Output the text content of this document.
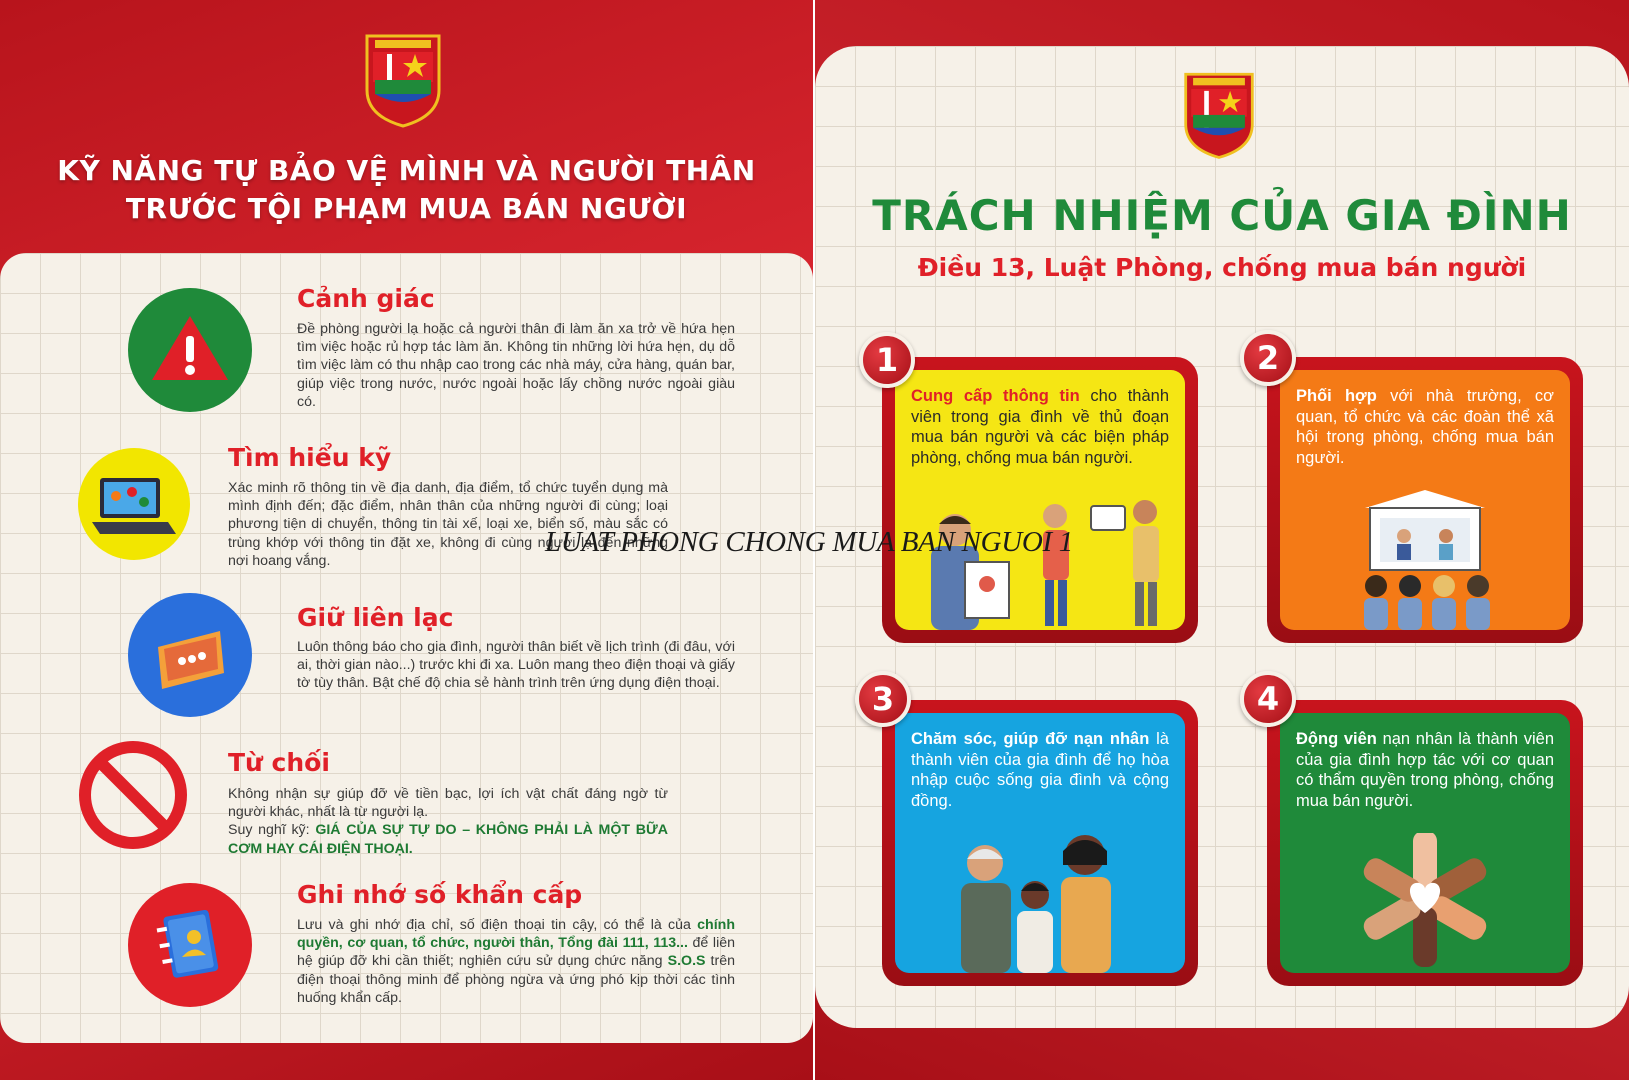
KỸ NĂNG TỰ BẢO VỆ MÌNH VÀ NGƯỜI THÂN
TRƯỚC TỘI PHẠM MUA BÁN NGƯỜI
Cảnh giác
Đề phòng người lạ hoặc cả người thân đi làm ăn xa trở về hứa hẹn tìm việc hoặc rủ hợp tác làm ăn. Không tin những lời hứa hẹn, dụ dỗ tìm việc làm có thu nhập cao trong các nhà máy, cửa hàng, quán bar, giúp việc trong nước, nước ngoài hoặc lấy chồng nước ngoài giàu có.
Tìm hiểu kỹ
Xác minh rõ thông tin về địa danh, địa điểm, tổ chức tuyển dụng mà mình định đến; đặc điểm, nhân thân của những người đi cùng; loại phương tiện di chuyển, thông tin tài xế, loại xe, biển số, màu sắc có trùng khớp với thông tin đặt xe, không đi cùng người lạ đến những nơi hoang vắng.
Giữ liên lạc
Luôn thông báo cho gia đình, người thân biết về lịch trình (đi đâu, với ai, thời gian nào...) trước khi đi xa. Luôn mang theo điện thoại và giấy tờ tùy thân. Bật chế độ chia sẻ hành trình trên ứng dụng điện thoại.
Từ chối
Không nhận sự giúp đỡ về tiền bạc, lợi ích vật chất đáng ngờ từ người khác, nhất là từ người lạ.
Suy nghĩ kỹ: GIÁ CỦA SỰ TỰ DO – KHÔNG PHẢI LÀ MỘT BỮA CƠM HAY CÁI ĐIỆN THOẠI.
Ghi nhớ số khẩn cấp
Lưu và ghi nhớ địa chỉ, số điện thoại tin cậy, có thể là của chính quyền, cơ quan, tổ chức, người thân, Tổng đài 111, 113... để liên hệ giúp đỡ khi cần thiết; nghiên cứu sử dụng chức năng S.O.S trên điện thoại thông minh để phòng ngừa và ứng phó kịp thời các tình huống khẩn cấp.
TRÁCH NHIỆM CỦA GIA ĐÌNH
Điều 13, Luật Phòng, chống mua bán người
Cung cấp thông tin cho thành viên trong gia đình về thủ đoạn mua bán người và các biện pháp phòng, chống mua bán người.
1
Phối hợp với nhà trường, cơ quan, tổ chức và các đoàn thể xã hội trong phòng, chống mua bán người.
2
Chăm sóc, giúp đỡ nạn nhân là thành viên của gia đình để họ hòa nhập cuộc sống gia đình và cộng đồng.
3
Động viên nạn nhân là thành viên của gia đình hợp tác với cơ quan có thẩm quyền trong phòng, chống mua bán người.
4
LUAT PHONG CHONG MUA BAN NGUOI 1
